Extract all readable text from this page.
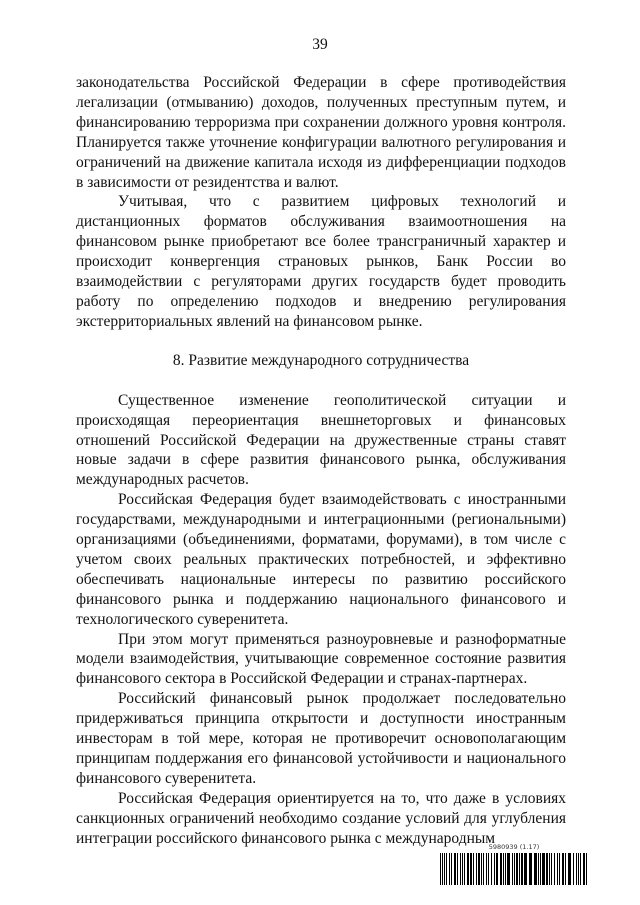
39

законодательства Российской Федерации в сфере противодействия легализации (отмыванию) доходов, полученных преступным путем, и финансированию терроризма при сохранении должного уровня контроля. Планируется также уточнение конфигурации валютного регулирования и ограничений на движение капитала исходя из дифференциации подходов в зависимости от резидентства и валют.

Учитывая, что с развитием цифровых технологий и дистанционных форматов обслуживания взаимоотношения на финансовом рынке приобретают все более трансграничный характер и происходит конвергенция страновых рынков, Банк России во взаимодействии с регуляторами других государств будет проводить работу по определению подходов и внедрению регулирования экстерриториальных явлений на финансовом рынке.

8. Развитие международного сотрудничества

Существенное изменение геополитической ситуации и происходящая переориентация внешнеторговых и финансовых отношений Российской Федерации на дружественные страны ставят новые задачи в сфере развития финансового рынка, обслуживания международных расчетов.

Российская Федерация будет взаимодействовать с иностранными государствами, международными и интеграционными (региональными) организациями (объединениями, форматами, форумами), в том числе с учетом своих реальных практических потребностей, и эффективно обеспечивать национальные интересы по развитию российского финансового рынка и поддержанию национального финансового и технологического суверенитета.

При этом могут применяться разноуровневые и разноформатные модели взаимодействия, учитывающие современное состояние развития финансового сектора в Российской Федерации и странах-партнерах.

Российский финансовый рынок продолжает последовательно придерживаться принципа открытости и доступности иностранным инвесторам в той мере, которая не противоречит основополагающим принципам поддержания его финансовой устойчивости и национального финансового суверенитета.

Российская Федерация ориентируется на то, что даже в условиях санкционных ограничений необходимо создание условий для углубления интеграции российского финансового рынка с международным

5980939 (1.17)
